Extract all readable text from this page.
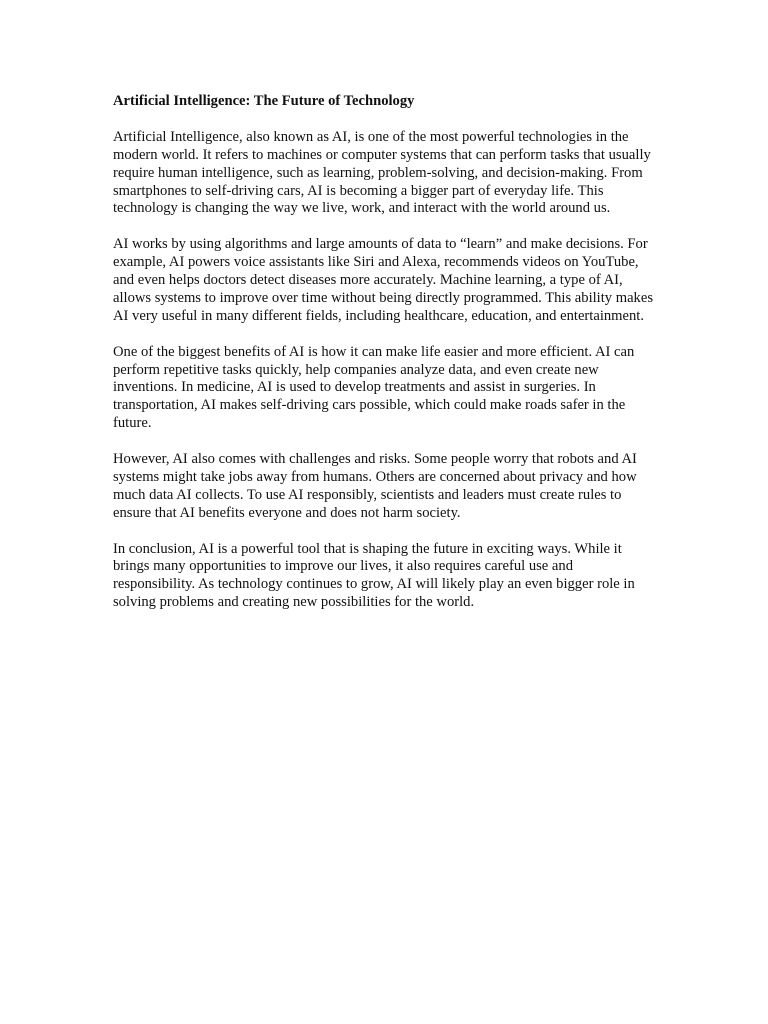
Artificial Intelligence: The Future of Technology

Artificial Intelligence, also known as AI, is one of the most powerful technologies in the modern world. It refers to machines or computer systems that can perform tasks that usually require human intelligence, such as learning, problem-solving, and decision-making. From smartphones to self-driving cars, AI is becoming a bigger part of everyday life. This technology is changing the way we live, work, and interact with the world around us.

AI works by using algorithms and large amounts of data to “learn” and make decisions. For example, AI powers voice assistants like Siri and Alexa, recommends videos on YouTube, and even helps doctors detect diseases more accurately. Machine learning, a type of AI, allows systems to improve over time without being directly programmed. This ability makes AI very useful in many different fields, including healthcare, education, and entertainment.

One of the biggest benefits of AI is how it can make life easier and more efficient. AI can perform repetitive tasks quickly, help companies analyze data, and even create new inventions. In medicine, AI is used to develop treatments and assist in surgeries. In transportation, AI makes self-driving cars possible, which could make roads safer in the future.

However, AI also comes with challenges and risks. Some people worry that robots and AI systems might take jobs away from humans. Others are concerned about privacy and how much data AI collects. To use AI responsibly, scientists and leaders must create rules to ensure that AI benefits everyone and does not harm society.

In conclusion, AI is a powerful tool that is shaping the future in exciting ways. While it brings many opportunities to improve our lives, it also requires careful use and responsibility. As technology continues to grow, AI will likely play an even bigger role in solving problems and creating new possibilities for the world.
